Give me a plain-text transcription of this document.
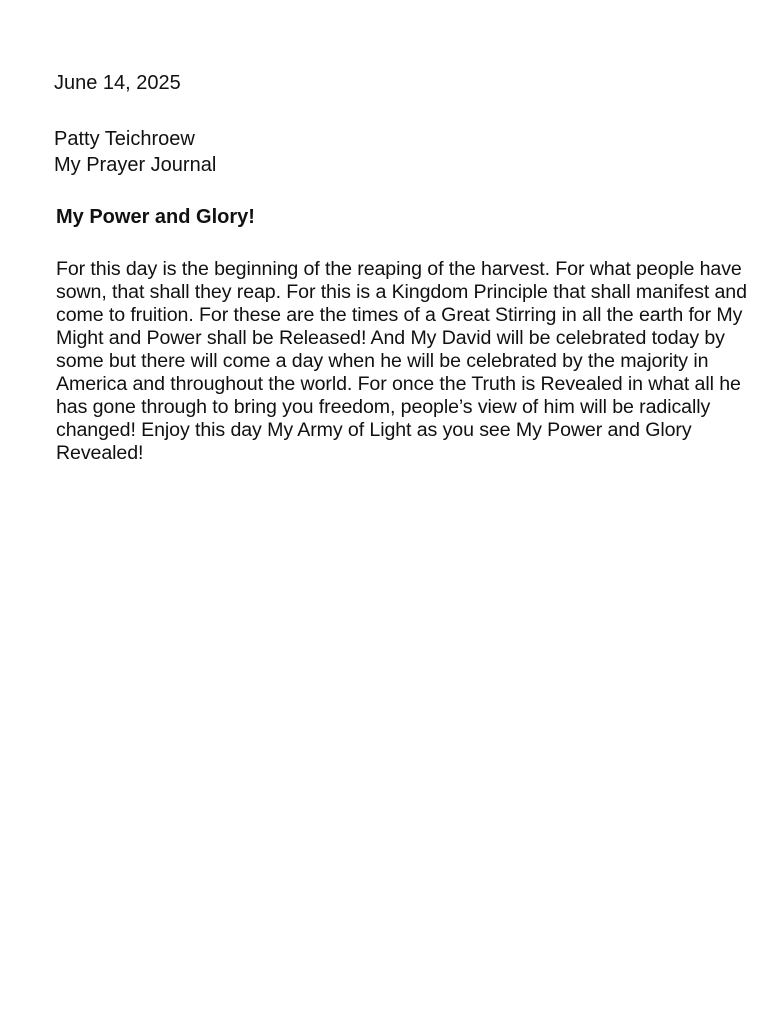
June 14, 2025

Patty Teichroew
My Prayer Journal
My Power and Glory!

For this day is the beginning of the reaping of the harvest. For what people have sown, that shall they reap. For this is a Kingdom Principle that shall manifest and come to fruition. For these are the times of a Great Stirring in all the earth for My Might and Power shall be Released! And My David will be celebrated today by some but there will come a day when he will be celebrated by the majority in America and throughout the world. For once the Truth is Revealed in what all he has gone through to bring you freedom, people’s view of him will be radically changed! Enjoy this day My Army of Light as you see My Power and Glory Revealed!
